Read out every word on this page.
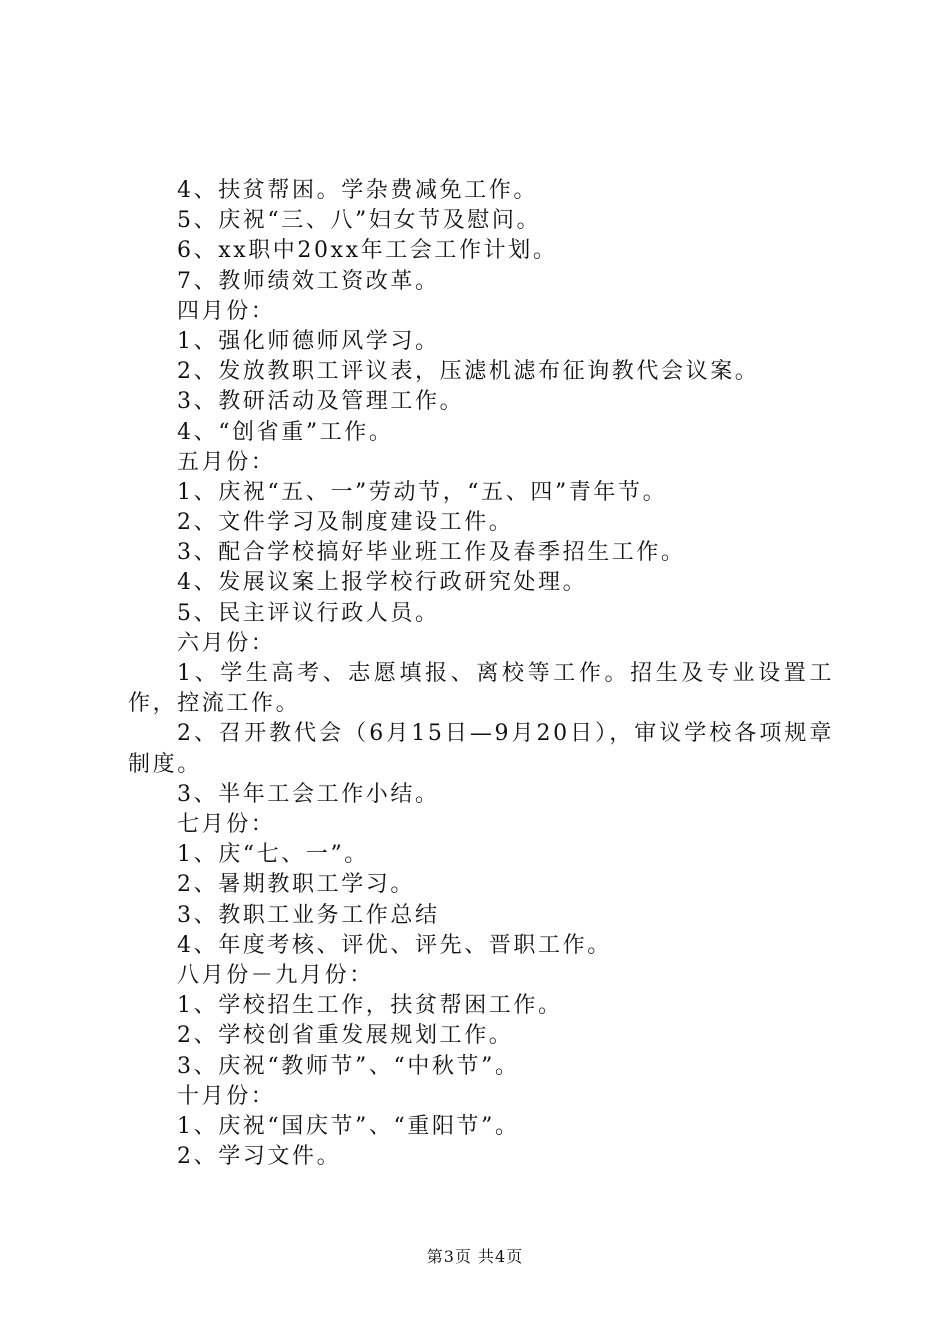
4、扶贫帮困。学杂费减免工作。
5、庆祝“三、八”妇女节及慰问。
6、xx职中20xx年工会工作计划。
7、教师绩效工资改革。
四月份：
1、强化师德师风学习。
2、发放教职工评议表，压滤机滤布征询教代会议案。
3、教研活动及管理工作。
4、“创省重”工作。
五月份：
1、庆祝“五、一”劳动节，“五、四”青年节。
2、文件学习及制度建设工件。
3、配合学校搞好毕业班工作及春季招生工作。
4、发展议案上报学校行政研究处理。
5、民主评议行政人员。
六月份：

1、学生高考、志愿填报、离校等工作。招生及专业设置工作，控流工作。

2、召开教代会（6月15日—9月20日），审议学校各项规章制度。

3、半年工会工作小结。
七月份：
1、庆“七、一”。
2、暑期教职工学习。
3、教职工业务工作总结
4、年度考核、评优、评先、晋职工作。
八月份－九月份：
1、学校招生工作，扶贫帮困工作。
2、学校创省重发展规划工作。
3、庆祝“教师节”、“中秋节”。
十月份：
1、庆祝“国庆节”、“重阳节”。
2、学习文件。
第3页 共4页
